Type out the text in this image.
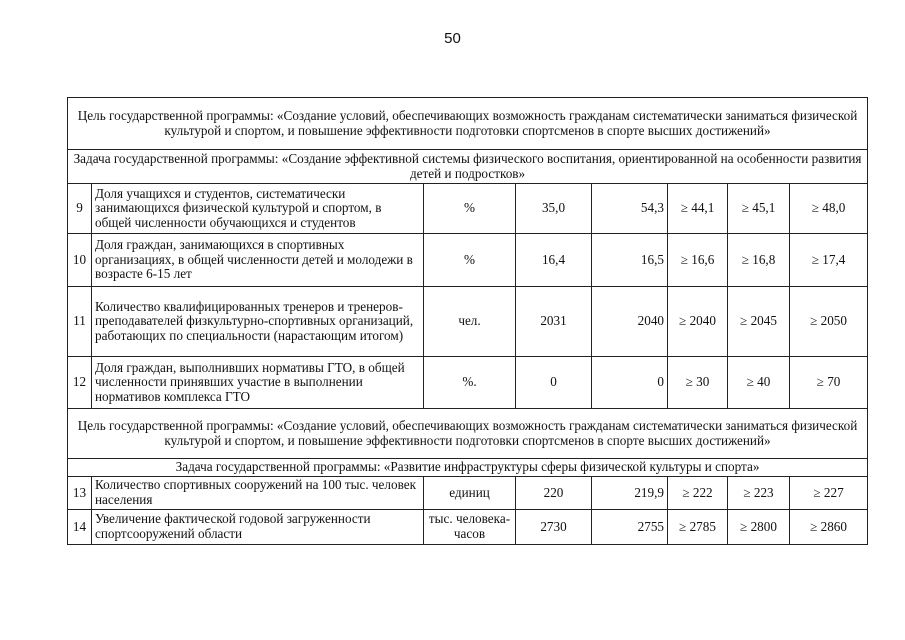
50
Цель государственной программы: «Создание условий, обеспечивающих возможность гражданам систематически заниматься физической культурой и спортом, и повышение эффективности подготовки спортсменов в спорте высших достижений»							
Задача государственной программы: «Создание эффективной системы физического воспитания, ориентированной на особенности развития детей и подростков»							
9	Доля учащихся и студентов, систематически занимающихся физической культурой и спортом, в общей численности обучающихся и студентов	%	35,0	54,3	≥ 44,1	≥ 45,1	≥ 48,0
10	Доля граждан, занимающихся в спортивных организациях, в общей численности детей и молодежи в возрасте 6-15 лет	%	16,4	16,5	≥ 16,6	≥ 16,8	≥ 17,4
11	Количество квалифицированных тренеров и тренеров-преподавателей физкультурно-спортивных организаций, работающих по специальности (нарастающим итогом)	чел.	2031	2040	≥ 2040	≥ 2045	≥ 2050
12	Доля граждан, выполнивших нормативы ГТО, в общей численности принявших участие в выполнении нормативов комплекса ГТО	%.	0	0	≥ 30	≥ 40	≥ 70
Цель государственной программы: «Создание условий, обеспечивающих возможность гражданам систематически заниматься физической культурой и спортом, и повышение эффективности подготовки спортсменов в спорте высших достижений»							
Задача государственной программы: «Развитие инфраструктуры сферы физической культуры и спорта»							
13	Количество спортивных сооружений на 100 тыс. человек населения	единиц	220	219,9	≥ 222	≥ 223	≥ 227
14	Увеличение фактической годовой загруженности спортсооружений области	тыс. человека-часов	2730	2755	≥ 2785	≥ 2800	≥ 2860
